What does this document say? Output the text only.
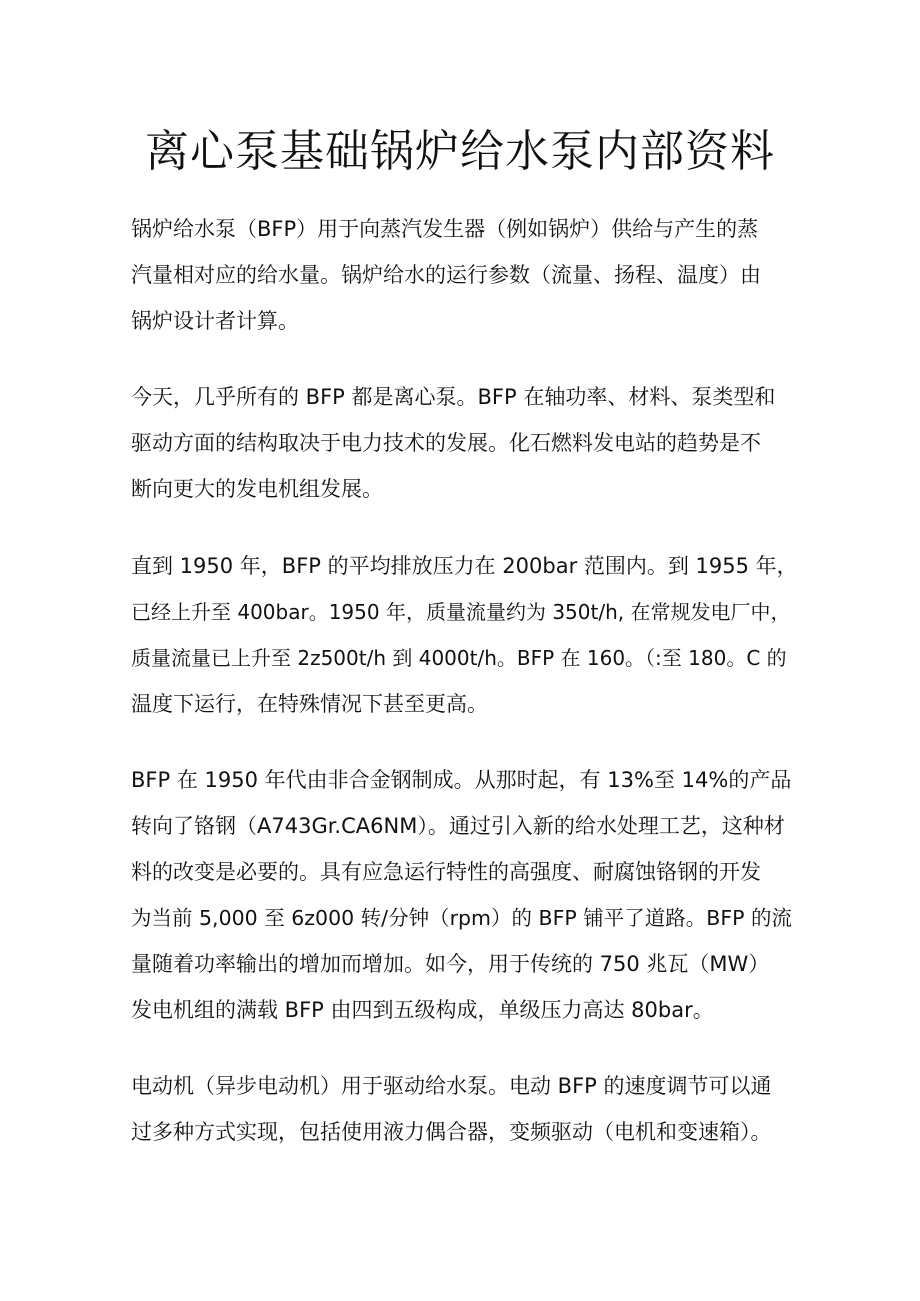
离心泵基础锅炉给水泵内部资料
锅炉给水泵（BFP）用于向蒸汽发生器（例如锅炉）供给与产生的蒸
汽量相对应的给水量。锅炉给水的运行参数（流量、扬程、温度）由
锅炉设计者计算。
今天，几乎所有的 BFP 都是离心泵。BFP 在轴功率、材料、泵类型和
驱动方面的结构取决于电力技术的发展。化石燃料发电站的趋势是不
断向更大的发电机组发展。
直到 1950 年，BFP 的平均排放压力在 200bar 范围内。到 1955 年，
已经上升至 400bar。1950 年，质量流量约为 350t/h, 在常规发电厂中，
质量流量已上升至 2z500t/h 到 4000t/h。BFP 在 160。（:至 180。C 的
温度下运行，在特殊情况下甚至更高。
BFP 在 1950 年代由非合金钢制成。从那时起，有 13%至 14%的产品
转向了铬钢（A743Gr.CA6NM）。通过引入新的给水处理工艺，这种材
料的改变是必要的。具有应急运行特性的高强度、耐腐蚀铬钢的开发
为当前 5,000 至 6z000 转/分钟（rpm）的 BFP 铺平了道路。BFP 的流
量随着功率输出的增加而增加。如今，用于传统的 750 兆瓦（MW）
发电机组的满载 BFP 由四到五级构成，单级压力高达 80bar。
电动机（异步电动机）用于驱动给水泵。电动 BFP 的速度调节可以通
过多种方式实现，包括使用液力偶合器，变频驱动（电机和变速箱）。
